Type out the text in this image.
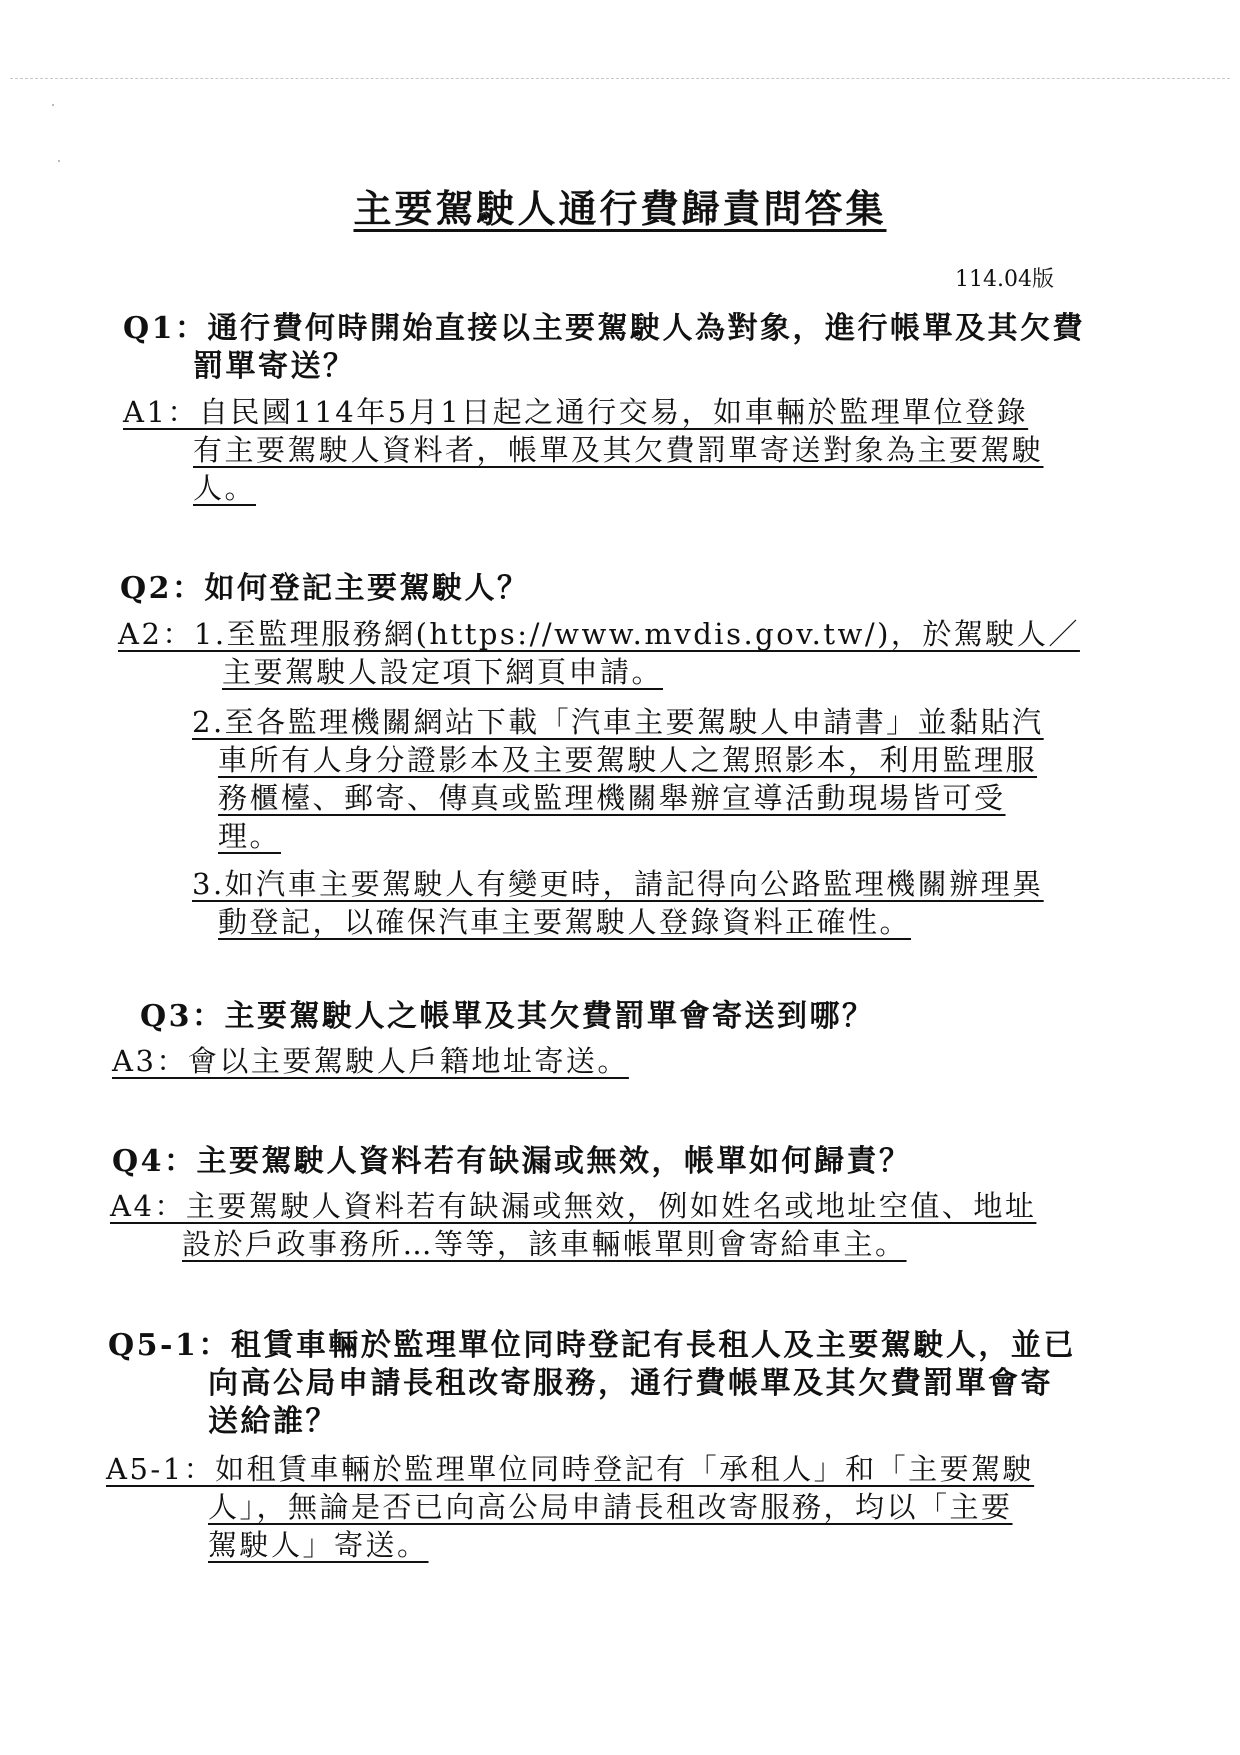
主要駕駛人通行費歸責問答集
114.04版
Q1：通行費何時開始直接以主要駕駛人為對象，進行帳單及其欠費
罰單寄送？
A1：自民國114年5月1日起之通行交易，如車輛於監理單位登錄
有主要駕駛人資料者，帳單及其欠費罰單寄送對象為主要駕駛
人。
Q2：如何登記主要駕駛人？
A2：1.至監理服務網(https://www.mvdis.gov.tw/)，於駕駛人／
主要駕駛人設定項下網頁申請。
2.至各監理機關網站下載「汽車主要駕駛人申請書」並黏貼汽
車所有人身分證影本及主要駕駛人之駕照影本，利用監理服
務櫃檯、郵寄、傳真或監理機關舉辦宣導活動現場皆可受
理。
3.如汽車主要駕駛人有變更時，請記得向公路監理機關辦理異
動登記，以確保汽車主要駕駛人登錄資料正確性。
Q3：主要駕駛人之帳單及其欠費罰單會寄送到哪？
A3：會以主要駕駛人戶籍地址寄送。
Q4：主要駕駛人資料若有缺漏或無效，帳單如何歸責？
A4：主要駕駛人資料若有缺漏或無效，例如姓名或地址空值、地址
設於戶政事務所…等等，該車輛帳單則會寄給車主。
Q5-1：租賃車輛於監理單位同時登記有長租人及主要駕駛人，並已
向高公局申請長租改寄服務，通行費帳單及其欠費罰單會寄
送給誰？
A5-1：如租賃車輛於監理單位同時登記有「承租人」和「主要駕駛
人」，無論是否已向高公局申請長租改寄服務，均以「主要
駕駛人」寄送。
